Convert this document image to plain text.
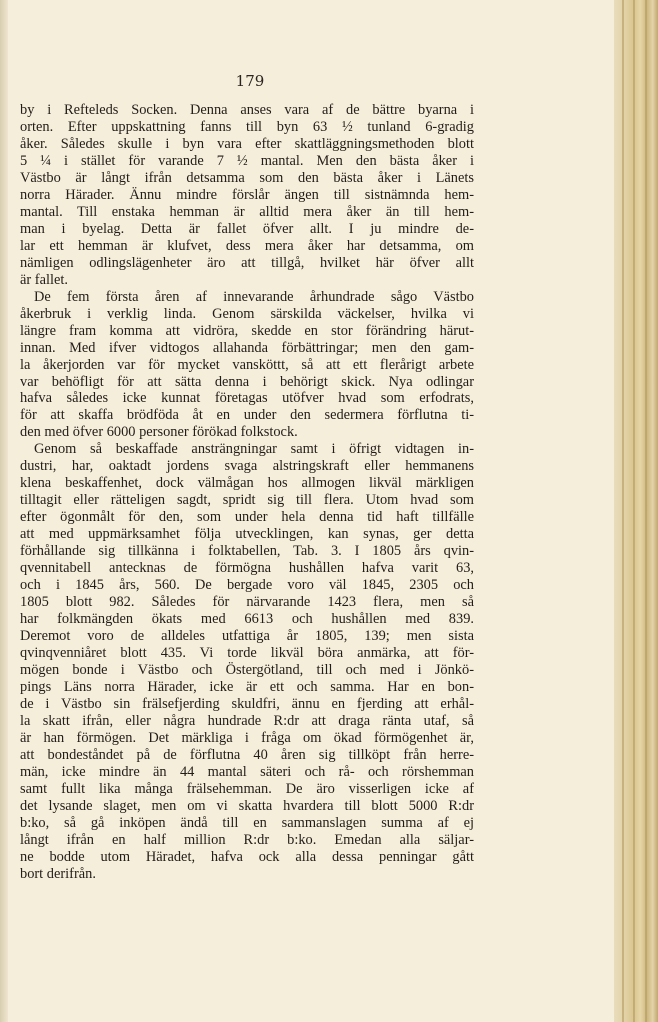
179
by i Refteleds Socken. Denna anses vara af de bättre byarna i
orten. Efter uppskattning fanns till byn 63 ½ tunland 6-gradig
åker. Således skulle i byn vara efter skattläggningsmethoden blott
5 ¼ i stället för varande 7 ½ mantal. Men den bästa åker i
Västbo är långt ifrån detsamma som den bästa åker i Länets
norra Härader. Ännu mindre förslår ängen till sistnämnda hem-
mantal. Till enstaka hemman är alltid mera åker än till hem-
man i byelag. Detta är fallet öfver allt. I ju mindre de-
lar ett hemman är klufvet, dess mera åker har detsamma, om
nämligen odlingslägenheter äro att tillgå, hvilket här öfver allt
är fallet.
De fem första åren af innevarande århundrade sågo Västbo
åkerbruk i verklig linda. Genom särskilda väckelser, hvilka vi
längre fram komma att vidröra, skedde en stor förändring härut-
innan. Med ifver vidtogos allahanda förbättringar; men den gam-
la åkerjorden var för mycket vansköttt, så att ett flerårigt arbete
var behöfligt för att sätta denna i behörigt skick. Nya odlingar
hafva således icke kunnat företagas utöfver hvad som erfodrats,
för att skaffa brödföda åt en under den sedermera förflutna ti-
den med öfver 6000 personer förökad folkstock.
Genom så beskaffade ansträngningar samt i öfrigt vidtagen in-
dustri, har, oaktadt jordens svaga alstringskraft eller hemmanens
klena beskaffenhet, dock välmågan hos allmogen likväl märkligen
tilltagit eller rätteligen sagdt, spridt sig till flera. Utom hvad som
efter ögonmålt för den, som under hela denna tid haft tillfälle
att med uppmärksamhet följa utvecklingen, kan synas, ger detta
förhållande sig tillkänna i folktabellen, Tab. 3. I 1805 års qvin-
qvennitabell antecknas de förmögna hushållen hafva varit 63,
och i 1845 års, 560. De bergade voro väl 1845, 2305 och
1805 blott 982. Således för närvarande 1423 flera, men så
har folkmängden ökats med 6613 och hushållen med 839.
Deremot voro de alldeles utfattiga år 1805, 139; men sista
qvinqvenniåret blott 435. Vi torde likväl böra anmärka, att för-
mögen bonde i Västbo och Östergötland, till och med i Jönkö-
pings Läns norra Härader, icke är ett och samma. Har en bon-
de i Västbo sin frälsefjerding skuldfri, ännu en fjerding att erhål-
la skatt ifrån, eller några hundrade R:dr att draga ränta utaf, så
är han förmögen. Det märkliga i fråga om ökad förmögenhet är,
att bondeståndet på de förflutna 40 åren sig tillköpt från herre-
män, icke mindre än 44 mantal säteri och rå- och rörshemman
samt fullt lika många frälsehemman. De äro visserligen icke af
det lysande slaget, men om vi skatta hvardera till blott 5000 R:dr
b:ko, så gå inköpen ändå till en sammanslagen summa af ej
långt ifrån en half million R:dr b:ko. Emedan alla säljar-
ne bodde utom Häradet, hafva ock alla dessa penningar gått
bort derifrån.
